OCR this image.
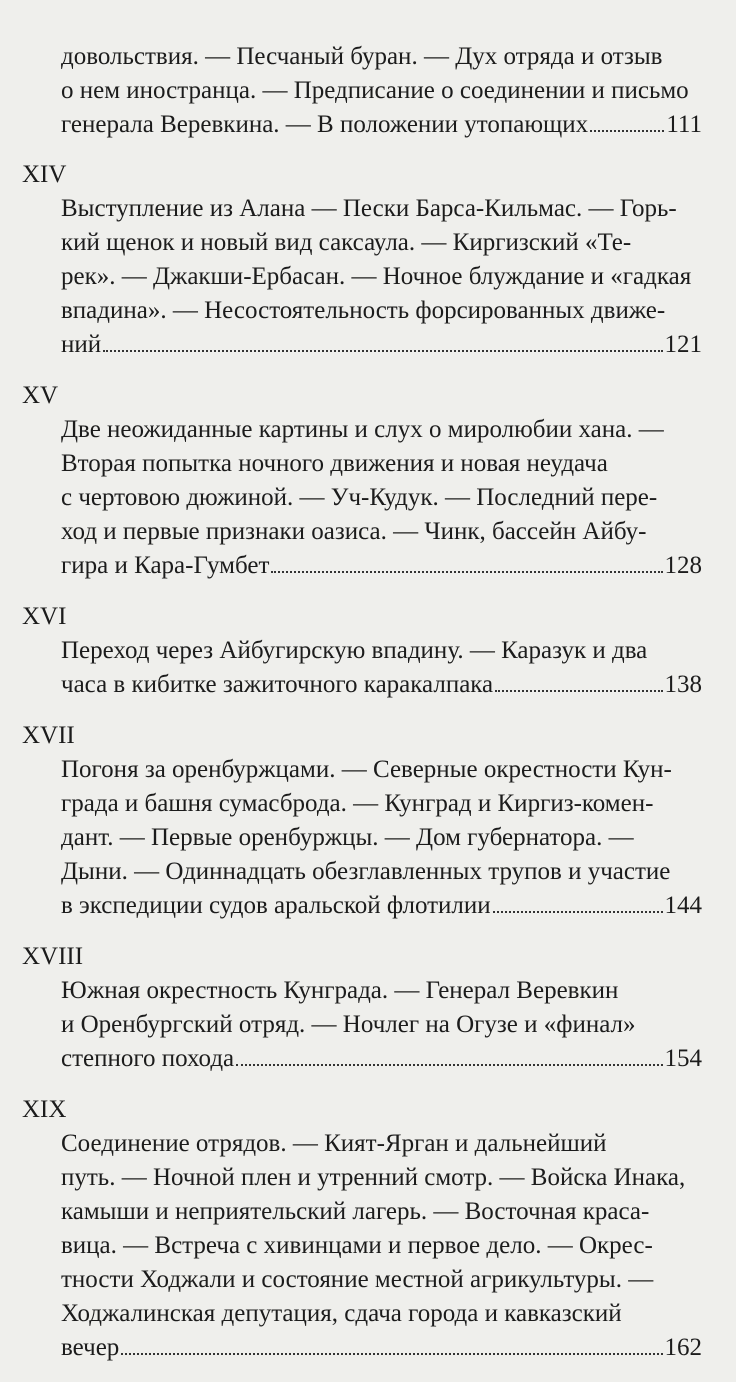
довольствия. — Песчаный буран. — Дух отряда и отзыв
о нем иностранца. — Предписание о соединении и письмо
генерала Веревкина. — В положении утопающих	111
XIV
Выступление из Алана — Пески Барса-Кильмас. — Горь-
кий щенок и новый вид саксаула. — Киргизский «Те-
рек». — Джакши-Ербасан. — Ночное блуждание и «гадкая
впадина». — Несостоятельность форсированных движе-
ний	121
XV
Две неожиданные картины и слух о миролюбии хана. —
Вторая попытка ночного движения и новая неудача
с чертовою дюжиной. — Уч-Кудук. — Последний пере-
ход и первые признаки оазиса. — Чинк, бассейн Айбу-
гира и Кара-Гумбет	128
XVI
Переход через Айбугирскую впадину. — Каразук и два
часа в кибитке зажиточного каракалпака	138
XVII
Погоня за оренбуржцами. — Северные окрестности Кун-
града и башня сумасброда. — Кунград и Киргиз-комен-
дант. — Первые оренбуржцы. — Дом губернатора. —
Дыни. — Одиннадцать обезглавленных трупов и участие
в экспедиции судов аральской флотилии	144
XVIII
Южная окрестность Кунграда. — Генерал Веревкин
и Оренбургский отряд. — Ночлег на Огузе и «финал»
степного похода	154
XIX
Соединение отрядов. — Кият-Ярган и дальнейший
путь. — Ночной плен и утренний смотр. — Войска Инака,
камыши и неприятельский лагерь. — Восточная краса-
вица. — Встреча с хивинцами и первое дело. — Окрес-
тности Ходжали и состояние местной агрикультуры. —
Ходжалинская депутация, сдача города и кавказский
вечер	162
